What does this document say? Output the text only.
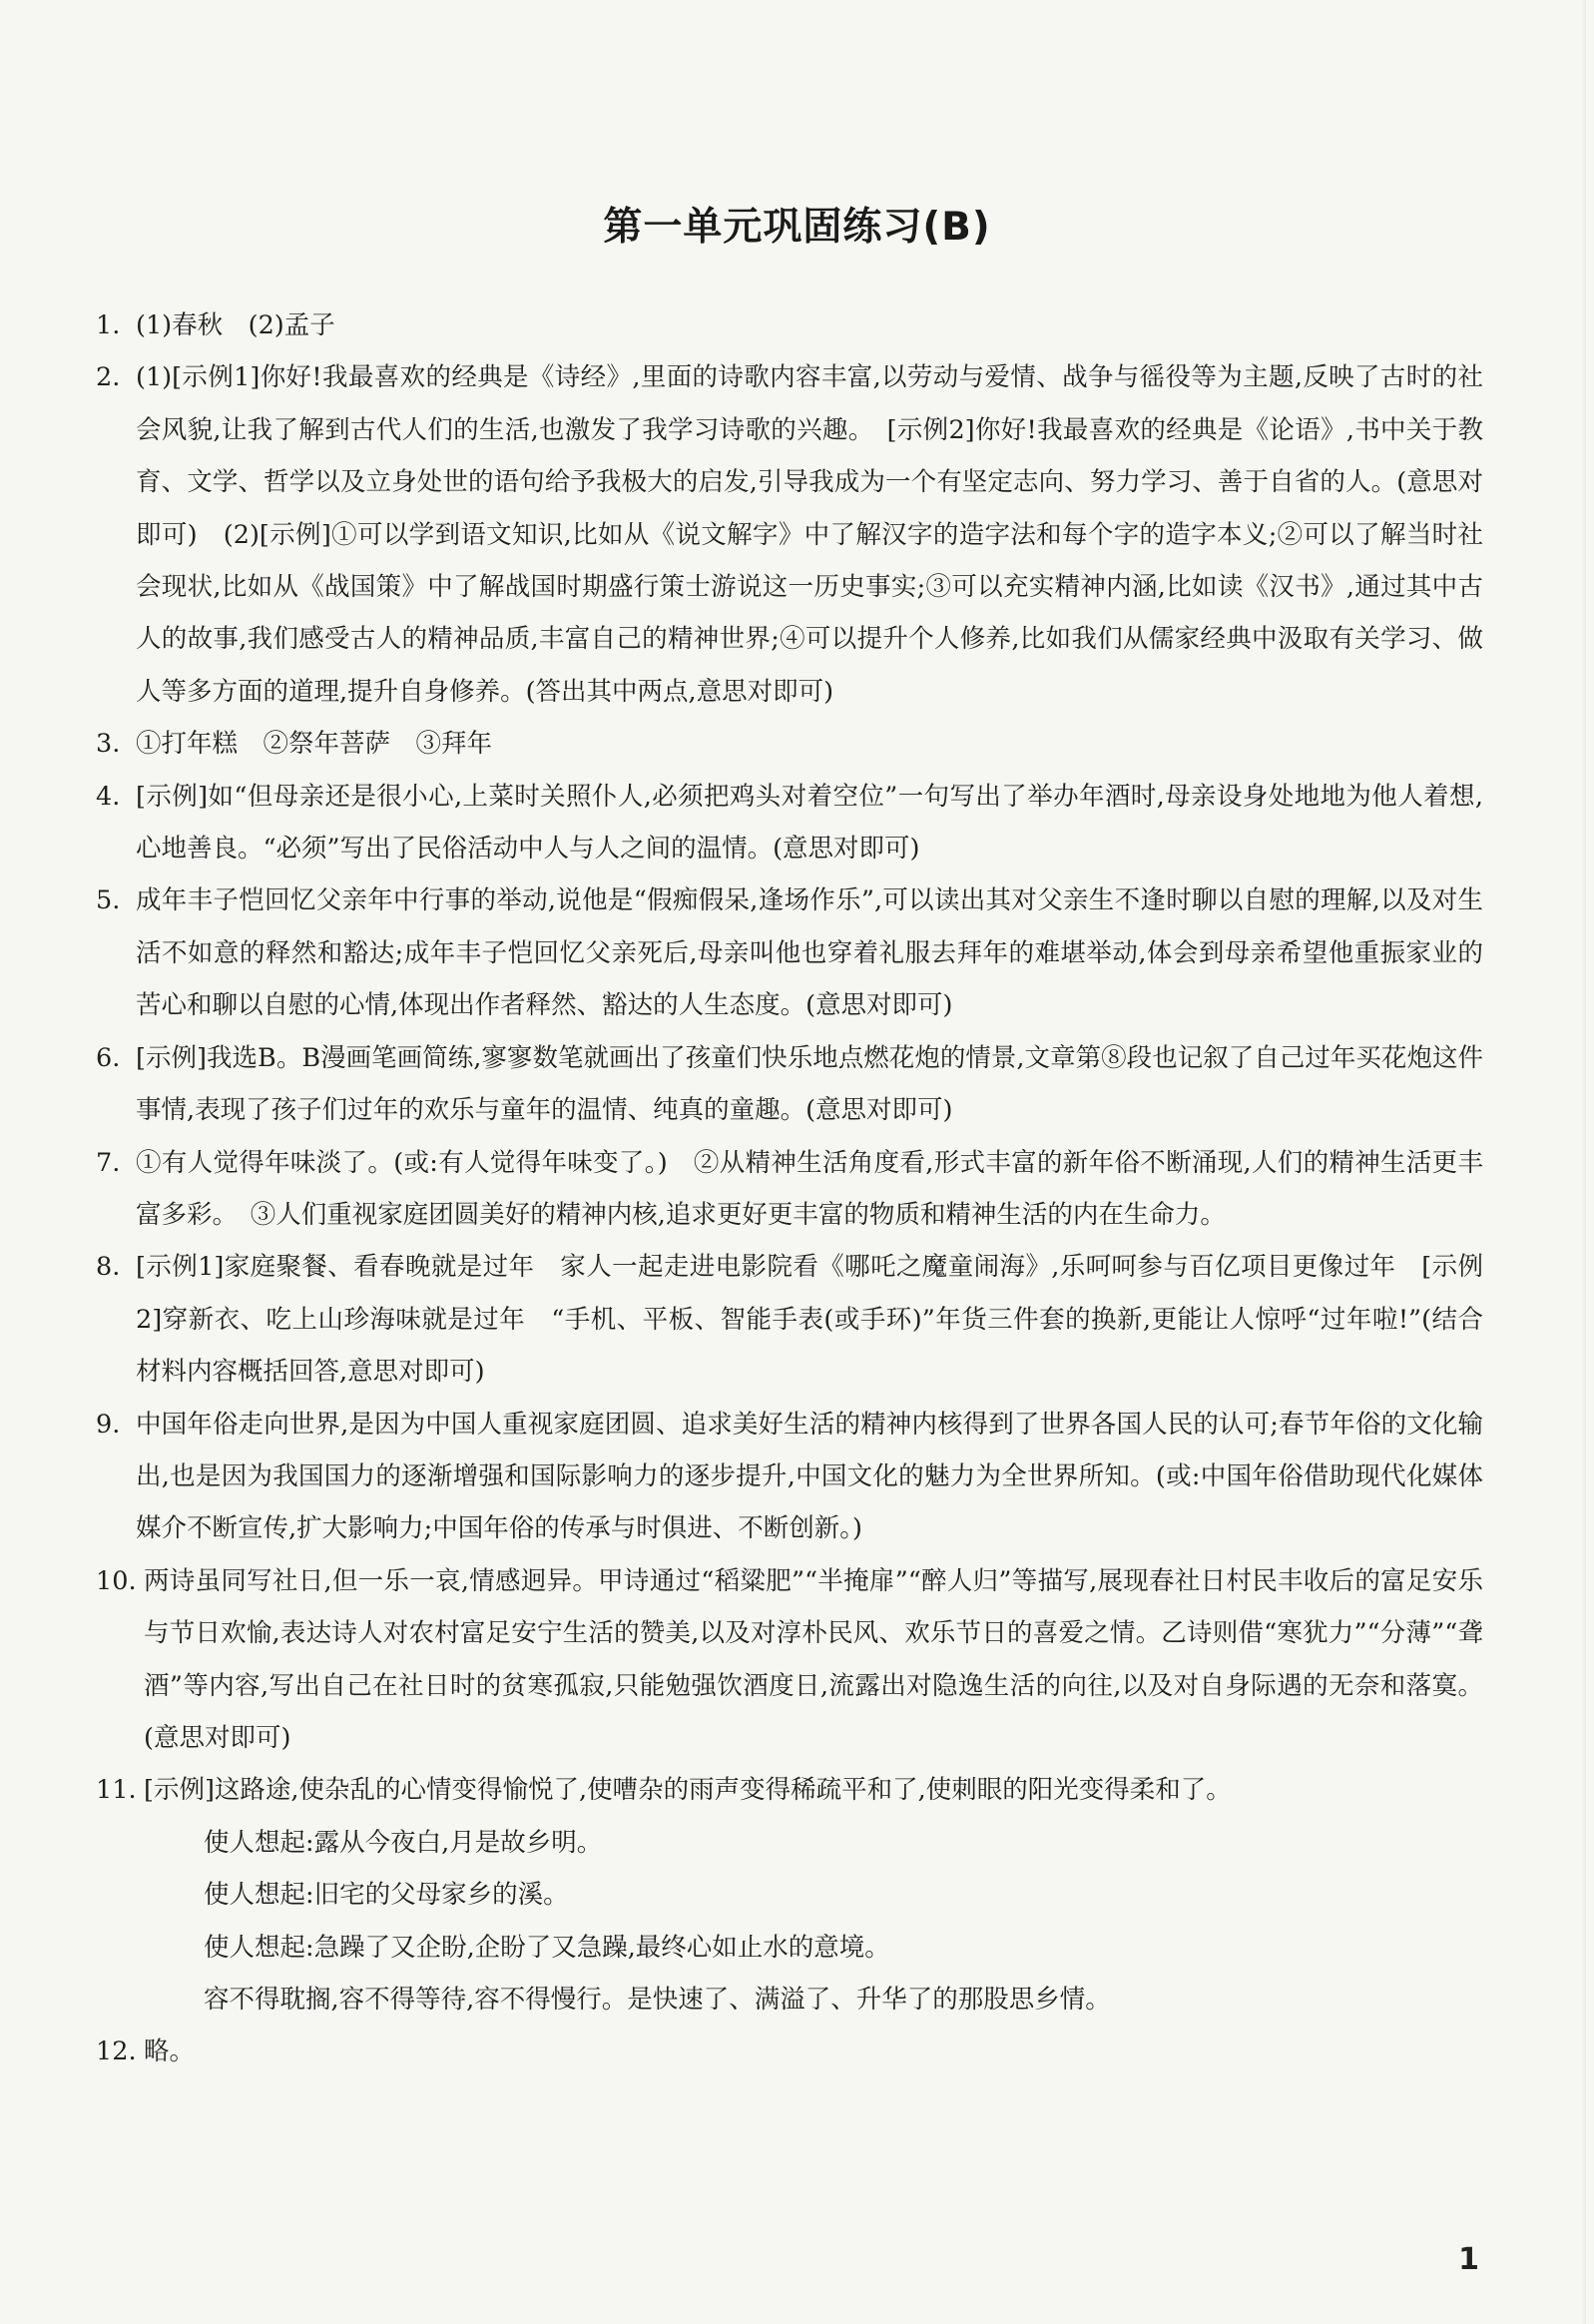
第一单元巩固练习(B)
1. (1)春秋　(2)孟子
2. (1)[示例1]你好!我最喜欢的经典是《诗经》,里面的诗歌内容丰富,以劳动与爱情、战争与徭役等为主题,反映了古时的社会风貌,让我了解到古代人们的生活,也激发了我学习诗歌的兴趣。　[示例2]你好!我最喜欢的经典是《论语》,书中关于教育、文学、哲学以及立身处世的语句给予我极大的启发,引导我成为一个有坚定志向、努力学习、善于自省的人。(意思对即可)　(2)[示例]①可以学到语文知识,比如从《说文解字》中了解汉字的造字法和每个字的造字本义;②可以了解当时社会现状,比如从《战国策》中了解战国时期盛行策士游说这一历史事实;③可以充实精神内涵,比如读《汉书》,通过其中古人的故事,我们感受古人的精神品质,丰富自己的精神世界;④可以提升个人修养,比如我们从儒家经典中汲取有关学习、做人等多方面的道理,提升自身修养。(答出其中两点,意思对即可)
3. ①打年糕　②祭年菩萨　③拜年
4. [示例]如“但母亲还是很小心,上菜时关照仆人,必须把鸡头对着空位”一句写出了举办年酒时,母亲设身处地地为他人着想,心地善良。“必须”写出了民俗活动中人与人之间的温情。(意思对即可)
5. 成年丰子恺回忆父亲年中行事的举动,说他是“假痴假呆,逢场作乐”,可以读出其对父亲生不逢时聊以自慰的理解,以及对生活不如意的释然和豁达;成年丰子恺回忆父亲死后,母亲叫他也穿着礼服去拜年的难堪举动,体会到母亲希望他重振家业的苦心和聊以自慰的心情,体现出作者释然、豁达的人生态度。(意思对即可)
6. [示例]我选B。B漫画笔画简练,寥寥数笔就画出了孩童们快乐地点燃花炮的情景,文章第⑧段也记叙了自己过年买花炮这件事情,表现了孩子们过年的欢乐与童年的温情、纯真的童趣。(意思对即可)
7. ①有人觉得年味淡了。(或:有人觉得年味变了。)　②从精神生活角度看,形式丰富的新年俗不断涌现,人们的精神生活更丰富多彩。　③人们重视家庭团圆美好的精神内核,追求更好更丰富的物质和精神生活的内在生命力。
8. [示例1]家庭聚餐、看春晚就是过年　家人一起走进电影院看《哪吒之魔童闹海》,乐呵呵参与百亿项目更像过年　[示例2]穿新衣、吃上山珍海味就是过年　“手机、平板、智能手表(或手环)”年货三件套的换新,更能让人惊呼“过年啦!”(结合材料内容概括回答,意思对即可)
9. 中国年俗走向世界,是因为中国人重视家庭团圆、追求美好生活的精神内核得到了世界各国人民的认可;春节年俗的文化输出,也是因为我国国力的逐渐增强和国际影响力的逐步提升,中国文化的魅力为全世界所知。(或:中国年俗借助现代化媒体媒介不断宣传,扩大影响力;中国年俗的传承与时俱进、不断创新。)
10. 两诗虽同写社日,但一乐一哀,情感迥异。甲诗通过“稻粱肥”“半掩扉”“醉人归”等描写,展现春社日村民丰收后的富足安乐与节日欢愉,表达诗人对农村富足安宁生活的赞美,以及对淳朴民风、欢乐节日的喜爱之情。乙诗则借“寒犹力”“分薄”“聋酒”等内容,写出自己在社日时的贫寒孤寂,只能勉强饮酒度日,流露出对隐逸生活的向往,以及对自身际遇的无奈和落寞。(意思对即可)
11. [示例]这路途,使杂乱的心情变得愉悦了,使嘈杂的雨声变得稀疏平和了,使刺眼的阳光变得柔和了。
使人想起:露从今夜白,月是故乡明。
使人想起:旧宅的父母家乡的溪。
使人想起:急躁了又企盼,企盼了又急躁,最终心如止水的意境。
容不得耽搁,容不得等待,容不得慢行。是快速了、满溢了、升华了的那股思乡情。
12. 略。
1
